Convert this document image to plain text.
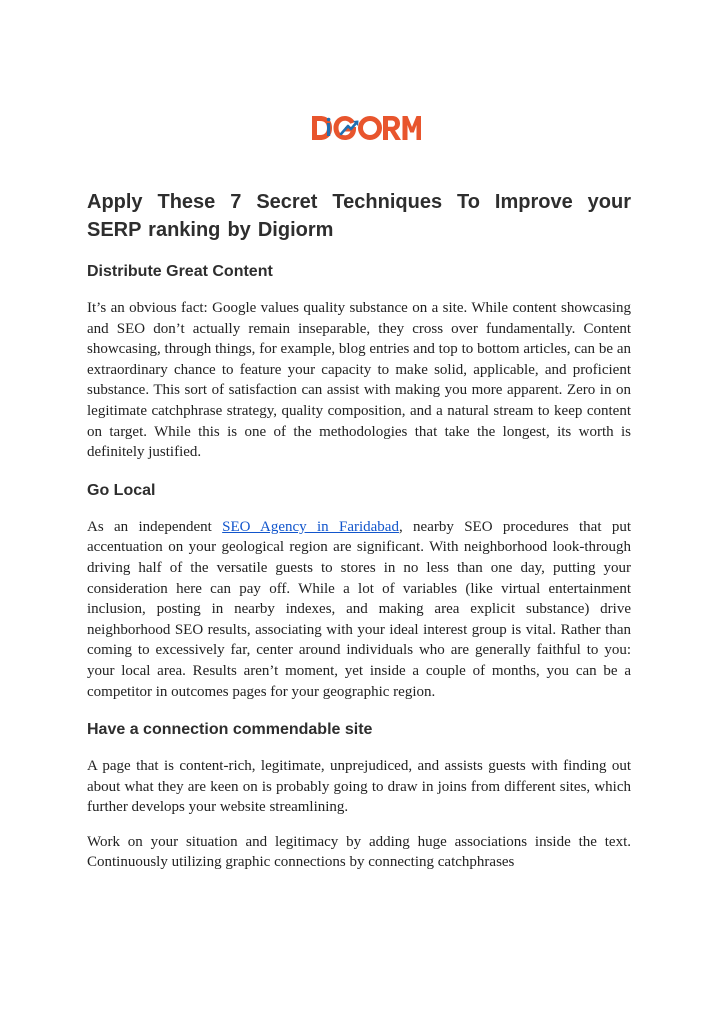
Apply These 7 Secret Techniques To Improve your SERP ranking by Digiorm
Distribute Great Content

It’s an obvious fact: Google values quality substance on a site. While content showcasing and SEO don’t actually remain inseparable, they cross over fundamentally. Content showcasing, through things, for example, blog entries and top to bottom articles, can be an extraordinary chance to feature your capacity to make solid, applicable, and proficient substance. This sort of satisfaction can assist with making you more apparent. Zero in on legitimate catchphrase strategy, quality composition, and a natural stream to keep content on target. While this is one of the methodologies that take the longest, its worth is definitely justified.

Go Local

As an independent SEO Agency in Faridabad, nearby SEO procedures that put accentuation on your geological region are significant. With neighborhood look-through driving half of the versatile guests to stores in no less than one day, putting your consideration here can pay off. While a lot of variables (like virtual entertainment inclusion, posting in nearby indexes, and making area explicit substance) drive neighborhood SEO results, associating with your ideal interest group is vital. Rather than coming to excessively far, center around individuals who are generally faithful to you: your local area. Results aren’t moment, yet inside a couple of months, you can be a competitor in outcomes pages for your geographic region.

Have a connection commendable site

A page that is content-rich, legitimate, unprejudiced, and assists guests with finding out about what they are keen on is probably going to draw in joins from different sites, which further develops your website streamlining.

Work on your situation and legitimacy by adding huge associations inside the text. Continuously utilizing graphic connections by connecting catchphrases
